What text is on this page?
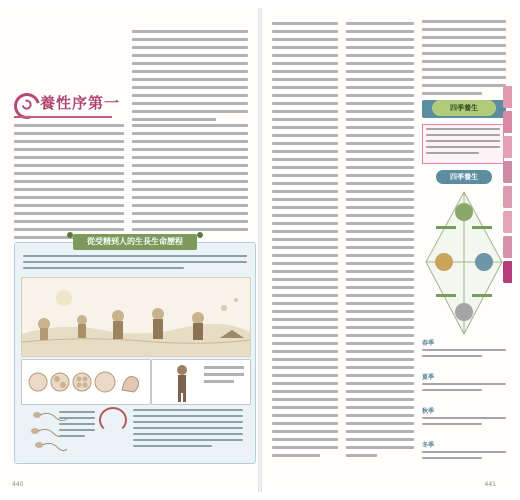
養性序第一
從受精到人的生長生命歷程
440
四季養生
四季養生
春季
夏季
秋季
冬季
441
